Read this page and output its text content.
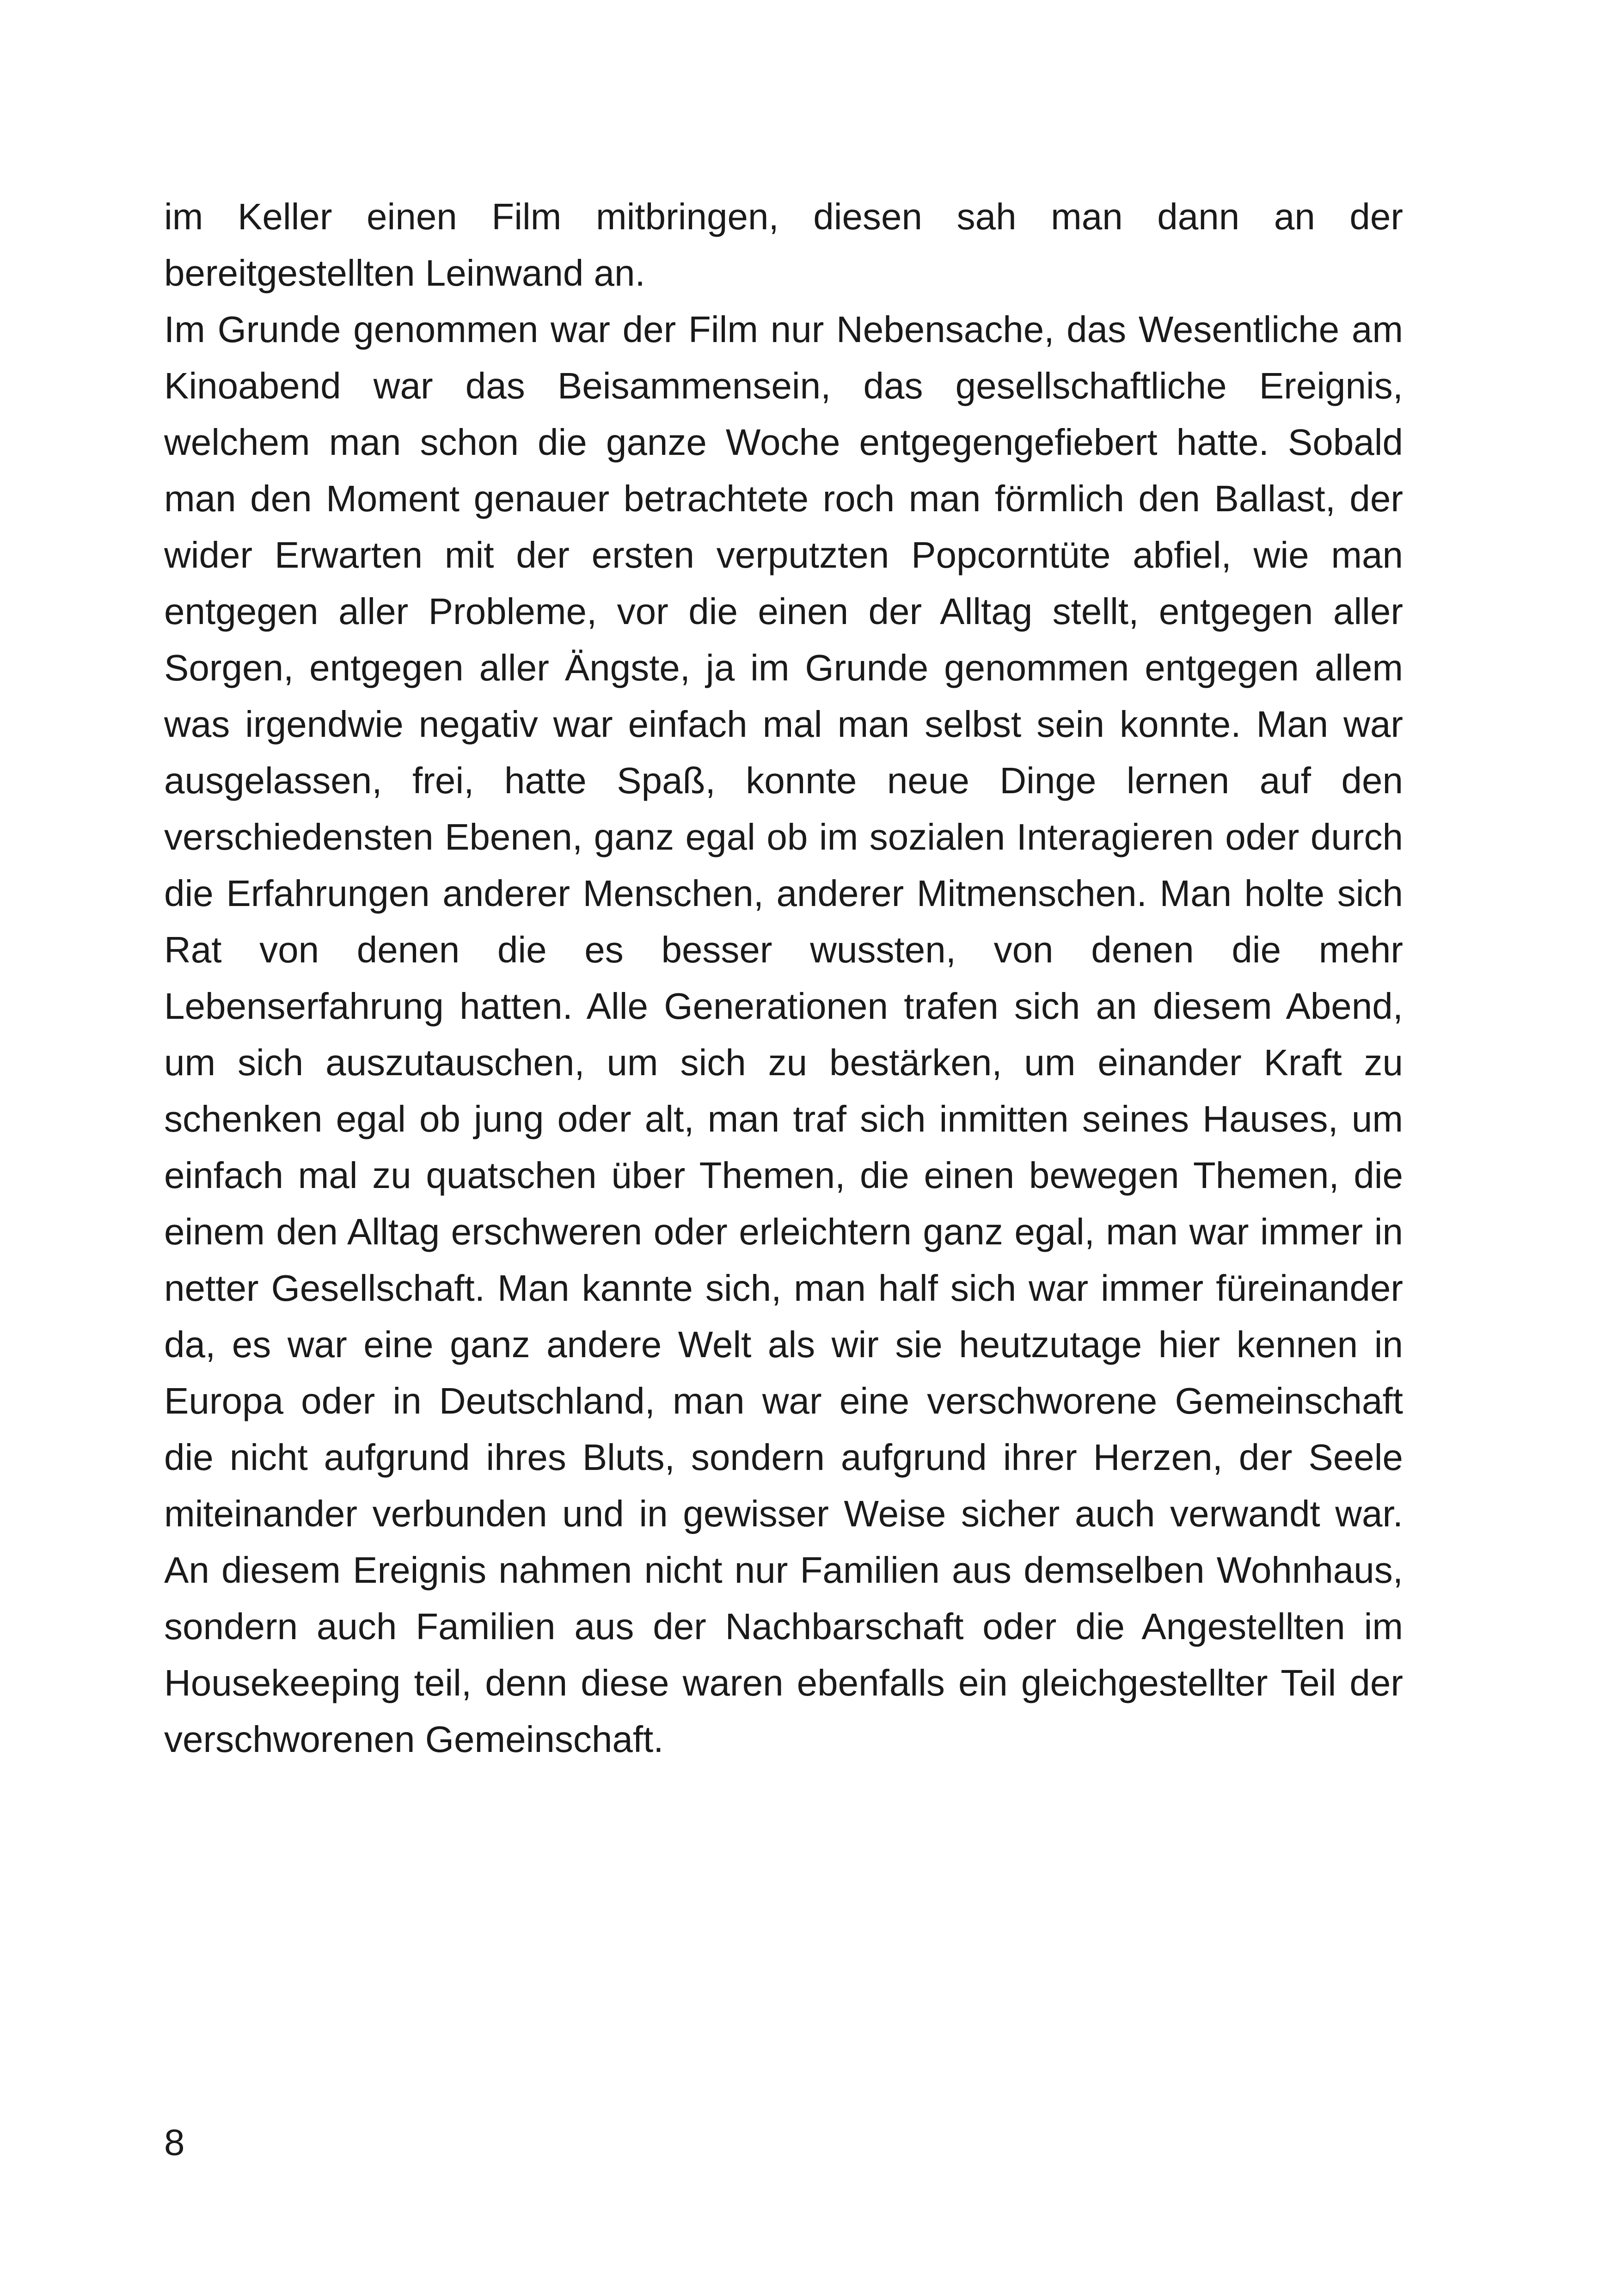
im Keller einen Film mitbringen, diesen sah man dann an der bereitgestellten Leinwand an.

Im Grunde genommen war der Film nur Nebensache, das Wesentliche am Kinoabend war das Beisammensein, das gesellschaftliche Ereignis, welchem man schon die ganze Woche entgegengefiebert hatte. Sobald man den Moment genauer betrachtete roch man förmlich den Ballast, der wider Erwarten mit der ersten verputzten Popcorntüte abfiel, wie man entgegen aller Probleme, vor die einen der Alltag stellt, entgegen aller Sorgen, entgegen aller Ängste, ja im Grunde genommen entgegen allem was irgendwie negativ war einfach mal man selbst sein konnte. Man war ausgelassen, frei, hatte Spaß, konnte neue Dinge lernen auf den verschiedensten Ebenen, ganz egal ob im sozialen Interagieren oder durch die Erfahrungen anderer Menschen, anderer Mitmenschen. Man holte sich Rat von denen die es besser wussten, von denen die mehr Lebenserfahrung hatten. Alle Generationen trafen sich an diesem Abend, um sich auszutauschen, um sich zu bestärken, um einander Kraft zu schenken egal ob jung oder alt, man traf sich inmitten seines Hauses, um einfach mal zu quatschen über Themen, die einen bewegen Themen, die einem den Alltag erschweren oder erleichtern ganz egal, man war immer in netter Gesellschaft. Man kannte sich, man half sich war immer füreinander da, es war eine ganz andere Welt als wir sie heutzutage hier kennen in Europa oder in Deutschland, man war eine verschworene Gemeinschaft die nicht aufgrund ihres Bluts, sondern aufgrund ihrer Herzen, der Seele miteinander verbunden und in gewisser Weise sicher auch verwandt war. An diesem Ereignis nahmen nicht nur Familien aus demselben Wohnhaus, sondern auch Familien aus der Nachbarschaft oder die Angestellten im Housekeeping teil, denn diese waren ebenfalls ein gleichgestellter Teil der verschworenen Gemeinschaft.

8
